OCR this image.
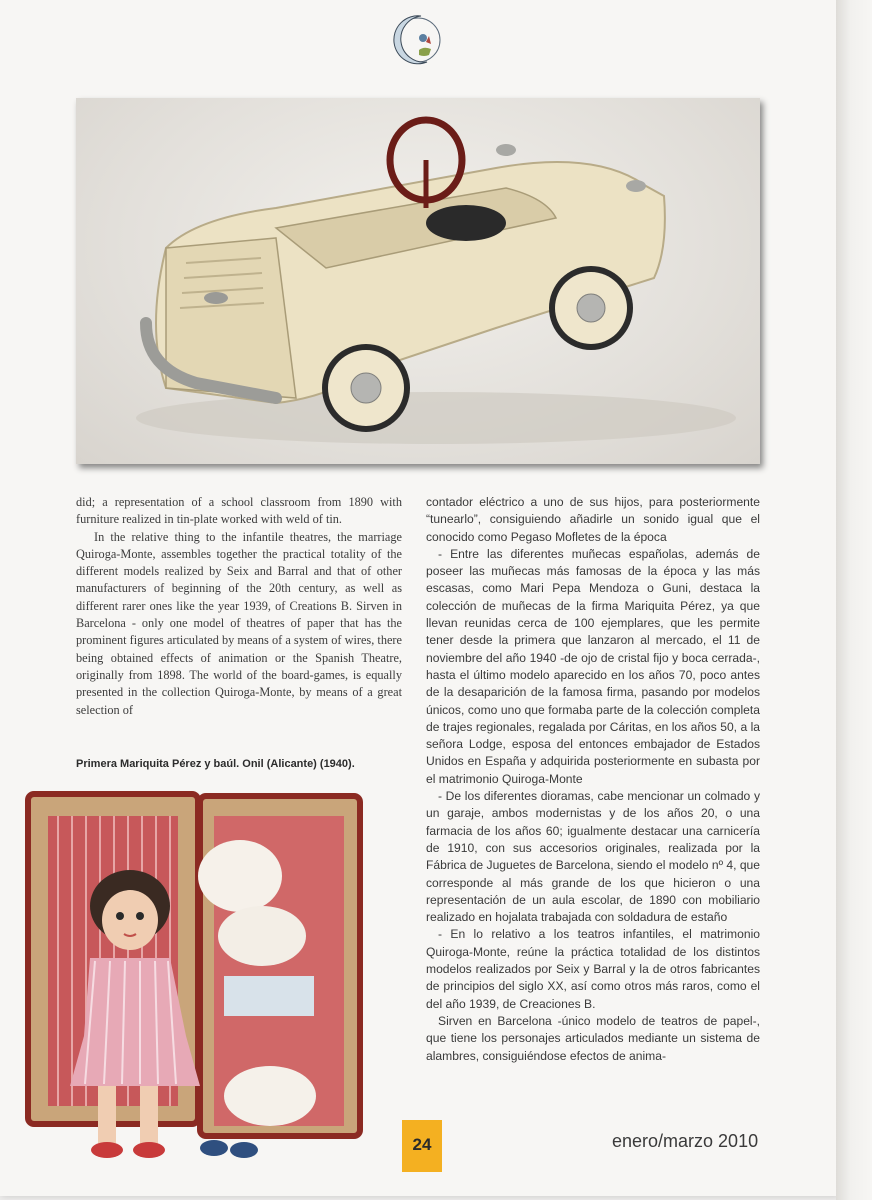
did; a representation of a school classroom from 1890 with furniture realized in tin-plate worked with weld of tin.

In the relative thing to the infantile theatres, the marriage Quiroga-Monte, assembles together the practical totality of the different models realized by Seix and Barral and that of other manufacturers of beginning of the 20th century, as well as different rarer ones like the year 1939, of Creations B. Sirven in Barcelona - only one model of theatres of paper that has the prominent figures articulated by means of a system of wires, there being obtained effects of animation or the Spanish Theatre, originally from 1898. The world of the board-games, is equally presented in the collection Quiroga-Monte, by means of a great selection of

Primera Mariquita Pérez y baúl. Onil (Alicante) (1940).

contador eléctrico a uno de sus hijos, para posteriormente “tunearlo”, consiguiendo añadirle un sonido igual que el conocido como Pegaso Mofletes de la época

- Entre las diferentes muñecas españolas, además de poseer las muñecas más famosas de la época y las más escasas, como Mari Pepa Mendoza o Guni, destaca la colección de muñecas de la firma Mariquita Pérez, ya que llevan reunidas cerca de 100 ejemplares, que les permite tener desde la primera que lanzaron al mercado, el 11 de noviembre del año 1940 -de ojo de cristal fijo y boca cerrada-, hasta el último modelo aparecido en los años 70, poco antes de la desaparición de la famosa firma, pasando por modelos únicos, como uno que formaba parte de la colección completa de trajes regionales, regalada por Cáritas, en los años 50, a la señora Lodge, esposa del entonces embajador de Estados Unidos en España y adquirida posteriormente en subasta por el matrimonio Quiroga-Monte

- De los diferentes dioramas, cabe mencionar un colmado y un garaje, ambos modernistas y de los años 20, o una farmacia de los años 60; igualmente destacar una carnicería de 1910, con sus accesorios originales, realizada por la Fábrica de Juguetes de Barcelona, siendo el modelo nº 4, que corresponde al más grande de los que hicieron o una representación de un aula escolar, de 1890 con mobiliario realizado en hojalata trabajada con soldadura de estaño

- En lo relativo a los teatros infantiles, el matrimonio Quiroga-Monte, reúne la práctica totalidad de los distintos modelos realizados por Seix y Barral y la de otros fabricantes de principios del siglo XX, así como otros más raros, como el del año 1939, de Creaciones B.

Sirven en Barcelona -único modelo de teatros de papel-, que tiene los personajes articulados mediante un sistema de alambres, consiguiéndose efectos de anima-

24	enero/marzo 2010
